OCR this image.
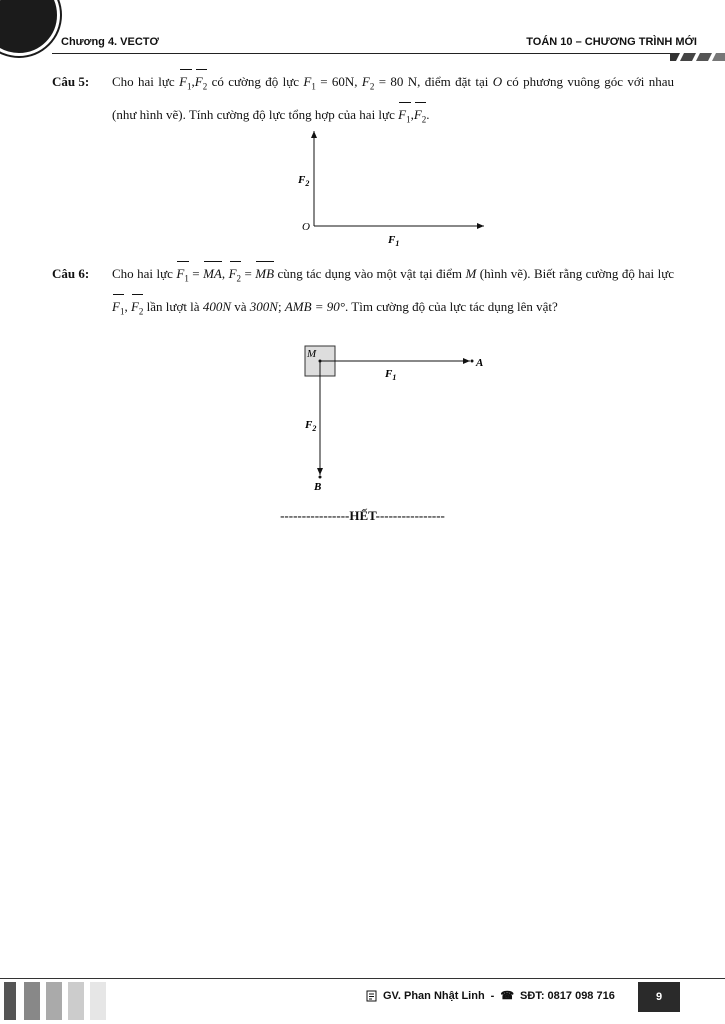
Chương 4. VECTƠ	TOÁN 10 – CHƯƠNG TRÌNH MỚI
Câu 5: Cho hai lực $F_1,F_2$ có cường độ lực $F_1 = 60N$, $F_2 = 80$ N, điểm đặt tại O có phương vuông góc với nhau (như hình vẽ). Tính cường độ lực tổng hợp của hai lực $F_1,F_2$.
$F_2$
O
$F_1$
Câu 6: Cho hai lực $F_1$ = MA, $F_2$ = MB cùng tác dụng vào một vật tại điểm M (hình vẽ). Biết rằng cường độ hai lực $F_1$, $F_2$ lần lượt là 400N và 300N; AMB = 90°. Tìm cường độ của lực tác dụng lên vật?
M
A
$F_1$
$F_2$
B
----------------HẾT----------------
GV. Phan Nhật Linh - ☎ SĐT: 0817 098 716	9
